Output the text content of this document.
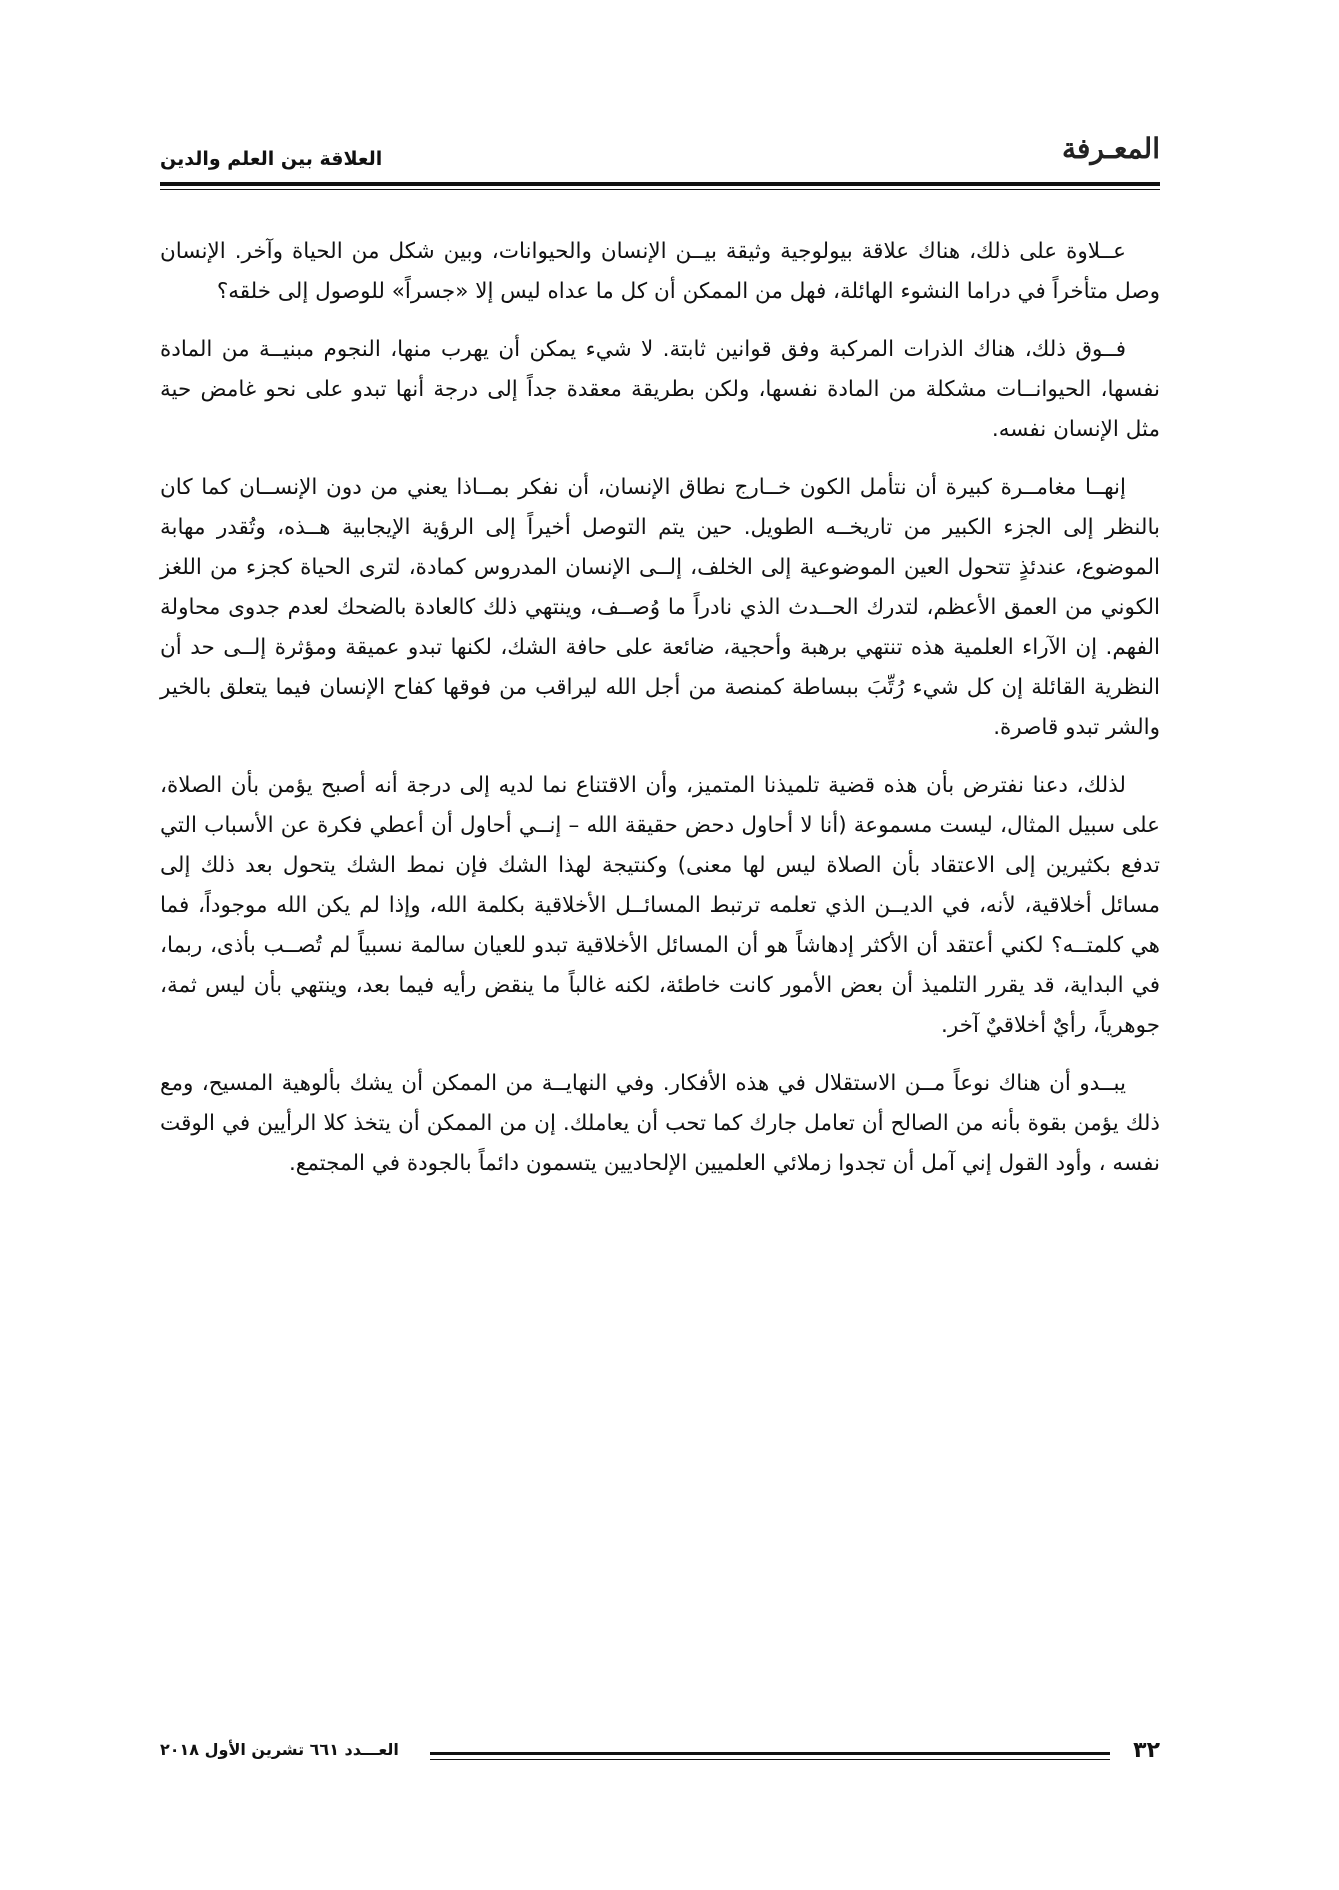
المعـرفة
العلاقة بين العلم والدين

عــلاوة على ذلك، هناك علاقة بيولوجية وثيقة بيــن الإنسان والحيوانات، وبين شكل من الحياة وآخر. الإنسان وصل متأخراً في دراما النشوء الهائلة، فهل من الممكن أن كل ما عداه ليس إلا «جسراً» للوصول إلى خلقه؟

فــوق ذلك، هناك الذرات المركبة وفق قوانين ثابتة. لا شيء يمكن أن يهرب منها، النجوم مبنيــة من المادة نفسها، الحيوانــات مشكلة من المادة نفسها، ولكن بطريقة معقدة جداً إلى درجة أنها تبدو على نحو غامض حية مثل الإنسان نفسه.

إنهــا مغامــرة كبيرة أن نتأمل الكون خــارج نطاق الإنسان، أن نفكر بمــاذا يعني من دون الإنســان كما كان بالنظر إلى الجزء الكبير من تاريخــه الطويل. حين يتم التوصل أخيراً إلى الرؤية الإيجابية هــذه، وتُقدر مهابة الموضوع، عندئذٍ تتحول العين الموضوعية إلى الخلف، إلــى الإنسان المدروس كمادة، لترى الحياة كجزء من اللغز الكوني من العمق الأعظم، لتدرك الحــدث الذي نادراً ما وُصــف، وينتهي ذلك كالعادة بالضحك لعدم جدوى محاولة الفهم. إن الآراء العلمية هذه تنتهي برهبة وأحجية، ضائعة على حافة الشك، لكنها تبدو عميقة ومؤثرة إلــى حد أن النظرية القائلة إن كل شيء رُتِّبَ ببساطة كمنصة من أجل الله ليراقب من فوقها كفاح الإنسان فيما يتعلق بالخير والشر تبدو قاصرة.

لذلك، دعنا نفترض بأن هذه قضية تلميذنا المتميز، وأن الاقتناع نما لديه إلى درجة أنه أصبح يؤمن بأن الصلاة، على سبيل المثال، ليست مسموعة (أنا لا أحاول دحض حقيقة الله – إنــي أحاول أن أعطي فكرة عن الأسباب التي تدفع بكثيرين إلى الاعتقاد بأن الصلاة ليس لها معنى) وكنتيجة لهذا الشك فإن نمط الشك يتحول بعد ذلك إلى مسائل أخلاقية، لأنه، في الديــن الذي تعلمه ترتبط المسائــل الأخلاقية بكلمة الله، وإذا لم يكن الله موجوداً، فما هي كلمتــه؟ لكني أعتقد أن الأكثر إدهاشاً هو أن المسائل الأخلاقية تبدو للعيان سالمة نسبياً لم تُصــب بأذى، ربما، في البداية، قد يقرر التلميذ أن بعض الأمور كانت خاطئة، لكنه غالباً ما ينقض رأيه فيما بعد، وينتهي بأن ليس ثمة، جوهرياً، رأيٌ أخلاقيٌ آخر.

يبــدو أن هناك نوعاً مــن الاستقلال في هذه الأفكار. وفي النهايــة من الممكن أن يشك بألوهية المسيح، ومع ذلك يؤمن بقوة بأنه من الصالح أن تعامل جارك كما تحب أن يعاملك. إن من الممكن أن يتخذ كلا الرأيين في الوقت نفسه ، وأود القول إني آمل أن تجدوا زملائي العلميين الإلحاديين يتسمون دائماً بالجودة في المجتمع.

٣٢
العـــدد ٦٦١ تشرين الأول ٢٠١٨
